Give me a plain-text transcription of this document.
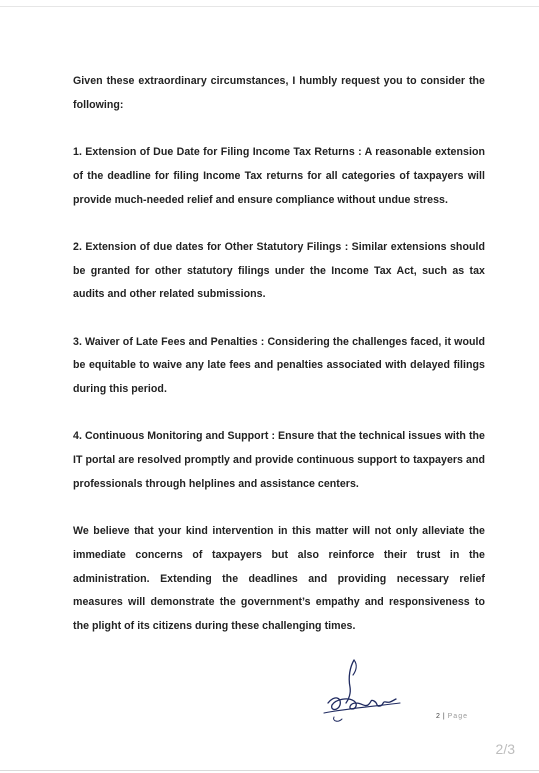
Given these extraordinary circumstances, I humbly request you to consider the following:

1. Extension of Due Date for Filing Income Tax Returns : A reasonable extension of the deadline for filing Income Tax returns for all categories of taxpayers will provide much-needed relief and ensure compliance without undue stress.

2. Extension of due dates for Other Statutory Filings : Similar extensions should be granted for other statutory filings under the Income Tax Act, such as tax audits and other related submissions.

3. Waiver of Late Fees and Penalties : Considering the challenges faced, it would be equitable to waive any late fees and penalties associated with delayed filings during this period.

4. Continuous Monitoring and Support : Ensure that the technical issues with the IT portal are resolved promptly and provide continuous support to taxpayers and professionals through helplines and assistance centers.

We believe that your kind intervention in this matter will not only alleviate the immediate concerns of taxpayers but also reinforce their trust in the administration. Extending the deadlines and providing necessary relief measures will demonstrate the government’s empathy and responsiveness to the plight of its citizens during these challenging times.

2 | Page
2/3
